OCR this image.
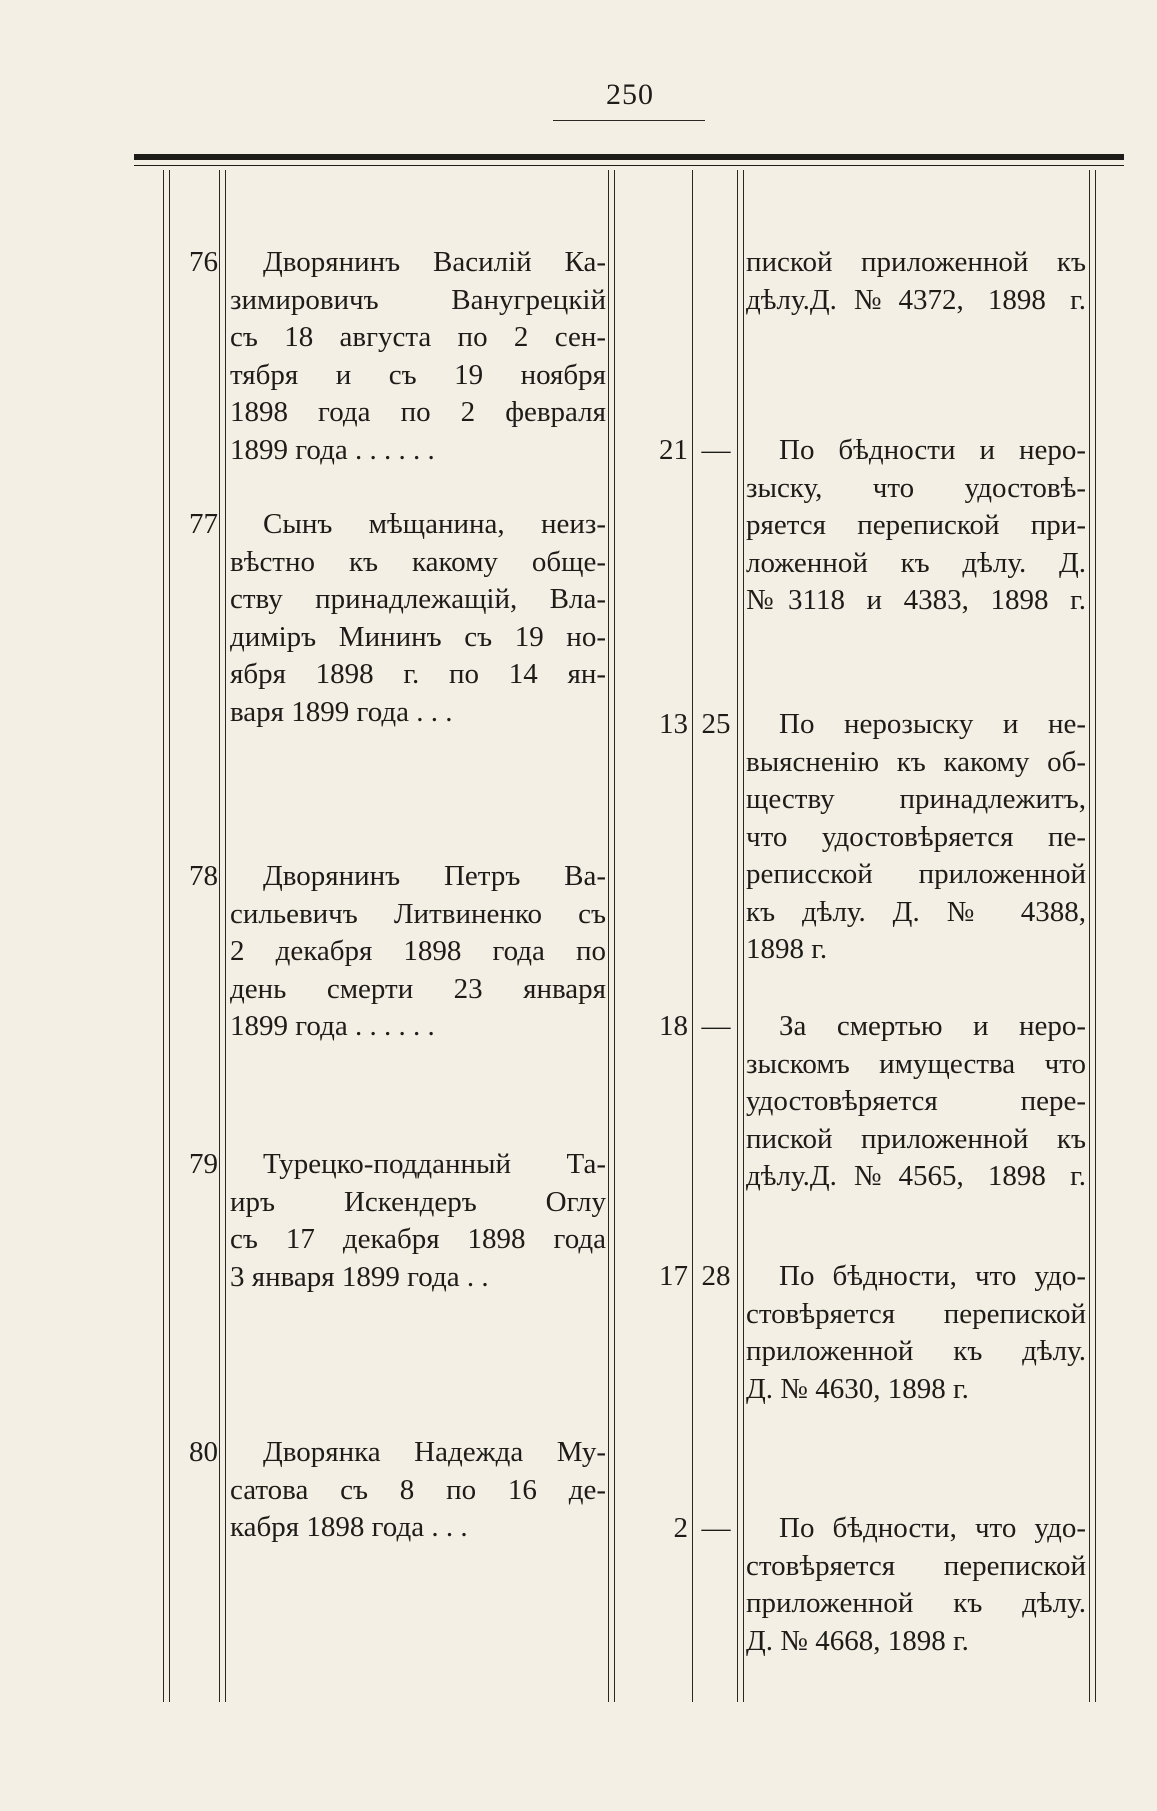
250
пиской приложенной къ
дѣлу.Д.№4372, 1898 г.
76	Дворянинъ Василій Ка-
зимировичъ Ванугрецкій
съ 18 августа по 2 сен-
тября и съ 19 ноября
1898 года по 2 февраля
1899 года . . . . . .	21 —	По бѣдности и неро-
зыску, что удостовѣ-
ряется перепиской при-
ложенной къ дѣлу. Д.
№3118 и 4383, 1898 г.
77	Сынъ мѣщанина, неиз-
вѣстно къ какому обще-
ству принадлежащій, Вла-
димiръ Мининъ съ 19 но-
ября 1898 г. по 14 ян-
варя 1899 года . . .	13 25	По нерозыску и не-
выясненію къ какому об-
ществу принадлежитъ,
что удостовѣряется пе-
реписской приложенной
къ дѣлу. Д. № 4388,
1898 г.
78	Дворянинъ Петръ Ва-
сильевичъ Литвиненко съ
2 декабря 1898 года по
день смерти 23 января
1899 года . . . . . .	18 —	За смертью и неро-
зыскомъ имущества что
удостовѣряется пере-
пиской приложенной къ
дѣлу.Д.№4565, 1898 г.
79	Турецко-подданный Та-
иръ Искендеръ Оглу
съ 17 декабря 1898 года
3 января 1899 года . .	17 28	По бѣдности, что удо-
стовѣряется перепиской
приложенной къ дѣлу.
Д. № 4630, 1898 г.
80	Дворянка Надежда Му-
сатова съ 8 по 16 де-
кабря 1898 года . . .	2 —	По бѣдности, что удо-
стовѣряется перепиской
приложенной къ дѣлу.
Д. № 4668, 1898 г.
